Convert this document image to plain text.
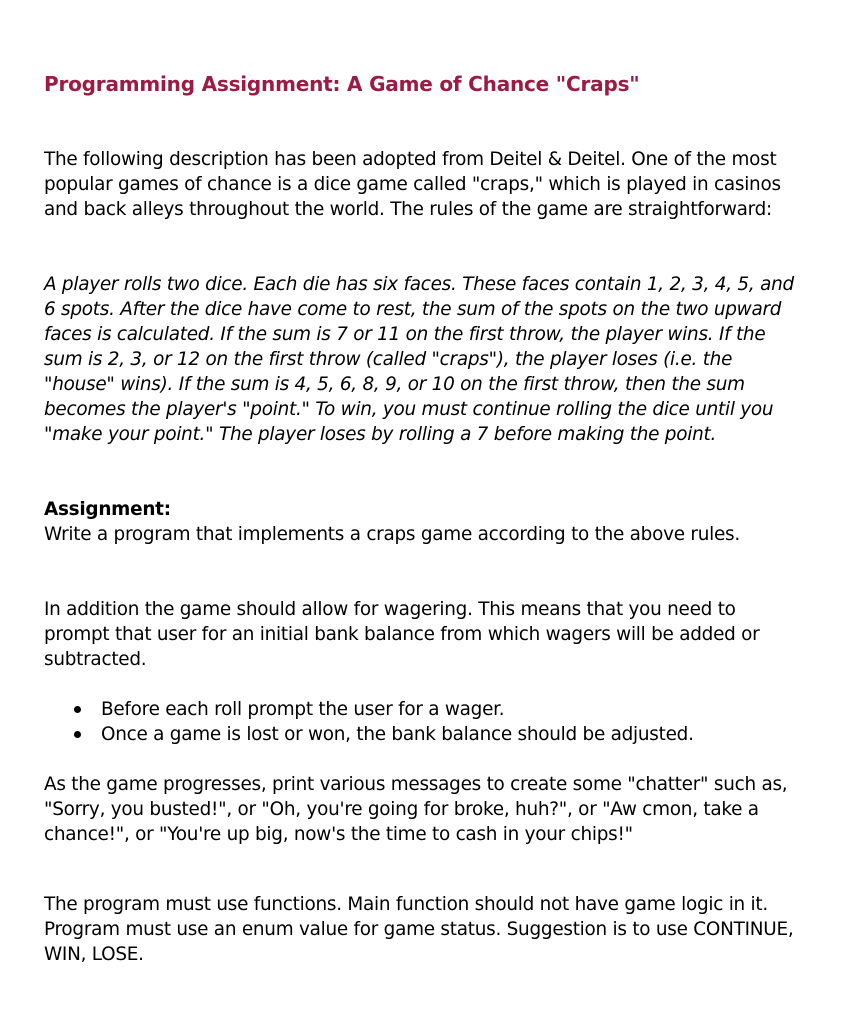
Programming Assignment: A Game of Chance "Craps"

The following description has been adopted from Deitel & Deitel. One of the most popular games of chance is a dice game called "craps," which is played in casinos and back alleys throughout the world. The rules of the game are straightforward:

A player rolls two dice. Each die has six faces. These faces contain 1, 2, 3, 4, 5, and 6 spots. After the dice have come to rest, the sum of the spots on the two upward faces is calculated. If the sum is 7 or 11 on the first throw, the player wins. If the sum is 2, 3, or 12 on the first throw (called "craps"), the player loses (i.e. the "house" wins). If the sum is 4, 5, 6, 8, 9, or 10 on the first throw, then the sum becomes the player's "point." To win, you must continue rolling the dice until you "make your point." The player loses by rolling a 7 before making the point.

Assignment:

Write a program that implements a craps game according to the above rules.

In addition the game should allow for wagering. This means that you need to prompt that user for an initial bank balance from which wagers will be added or subtracted.

Before each roll prompt the user for a wager.
Once a game is lost or won, the bank balance should be adjusted.

As the game progresses, print various messages to create some "chatter" such as, "Sorry, you busted!", or "Oh, you're going for broke, huh?", or "Aw cmon, take a chance!", or "You're up big, now's the time to cash in your chips!"

The program must use functions. Main function should not have game logic in it. Program must use an enum value for game status. Suggestion is to use CONTINUE, WIN, LOSE.
